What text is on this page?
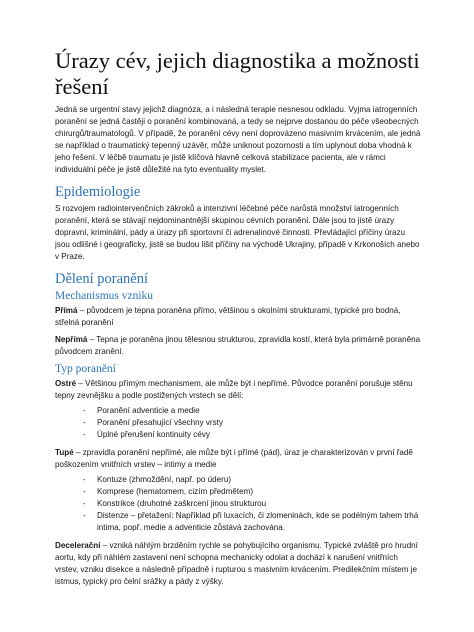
Úrazy cév, jejich diagnostika a možnosti řešení

Jedná se urgentní stavy jejichž diagnóza, a i následná terapie nesnesou odkladu. Vyjma iatrogenních poranění se jedná častěji o poranění kombinovaná, a tedy se nejprve dostanou do péče všeobecných chirurgů/traumatologů. V případě, že poranění cévy není doprovázeno masivním krvácením, ale jedná se například o traumatický tepenný uzávěr, může uniknout pozornosti a tím uplynout doba vhodná k jeho řešení. V léčbě traumatu je jistě klíčová hlavně celková stabilizace pacienta, ale v rámci individuální péče je jistě důležité na tyto eventuality myslet.

Epidemiologie

S rozvojem radiointervenčních zákroků a intenzivní léčebné péče narůstá množství iatrogenních poranění, která se stávají nejdominantnější skupinou cévních poranění. Dále jsou to jistě úrazy dopravní, kriminální, pády a úrazy při sportovní či adrenalinové činnosti. Převládající příčiny úrazu jsou odlišné i geograficky, jistě se budou lišit příčiny na východě Ukrajiny, případě v Krkonoších anebo v Praze.

Dělení poranění
Mechanismus vzniku

Přímá – původcem je tepna poraněna přímo, většinou s okolními strukturami, typické pro bodná, střelná poranění

Nepřímá – Tepna je poraněna jinou tělesnou strukturou, zpravidla kostí, která byla primárně poraněna původcem zranění.

Typ poranění

Ostré – Většinou přímým mechanismem, ale může být i nepřímé. Původce poranění porušuje stěnu tepny zevnějšku a podle postižených vrstech se dělí:

- Poranění adventicie a medie
- Poranění přesahující všechny vrsty
- Úplné přerušení kontinuity cévy

Tupé – zpravidla poranění nepřímé, ale může být i přímé (pád), úraz je charakterizován v první řadě poškozením vnitřních vrstev – intimy a medie

- Kontuze (zhmoždění, např. po úderu)
- Komprese (hematomem, cizím předmětem)
- Konstrikce (druhotné zaškrcení jinou strukturou
- Distenze – přetažení: Například při luxacích, či zlomeninách, kde se podélným tahem trhá intima, popř. medie a adventicie zůstává zachována.

Decelerační – vzniká náhlým brzděním rychle se pohybujícího organismu. Typické zvláště pro hrudní aortu, kdy při náhlém zastavení není schopna mechanicky odolat a dochází k narušení vnitřních vrstev, vzniku disekce a následně případně i rupturou s masivním krvácením. Predilekčním místem je istmus, typický pro čelní srážky a pády z výšky.
